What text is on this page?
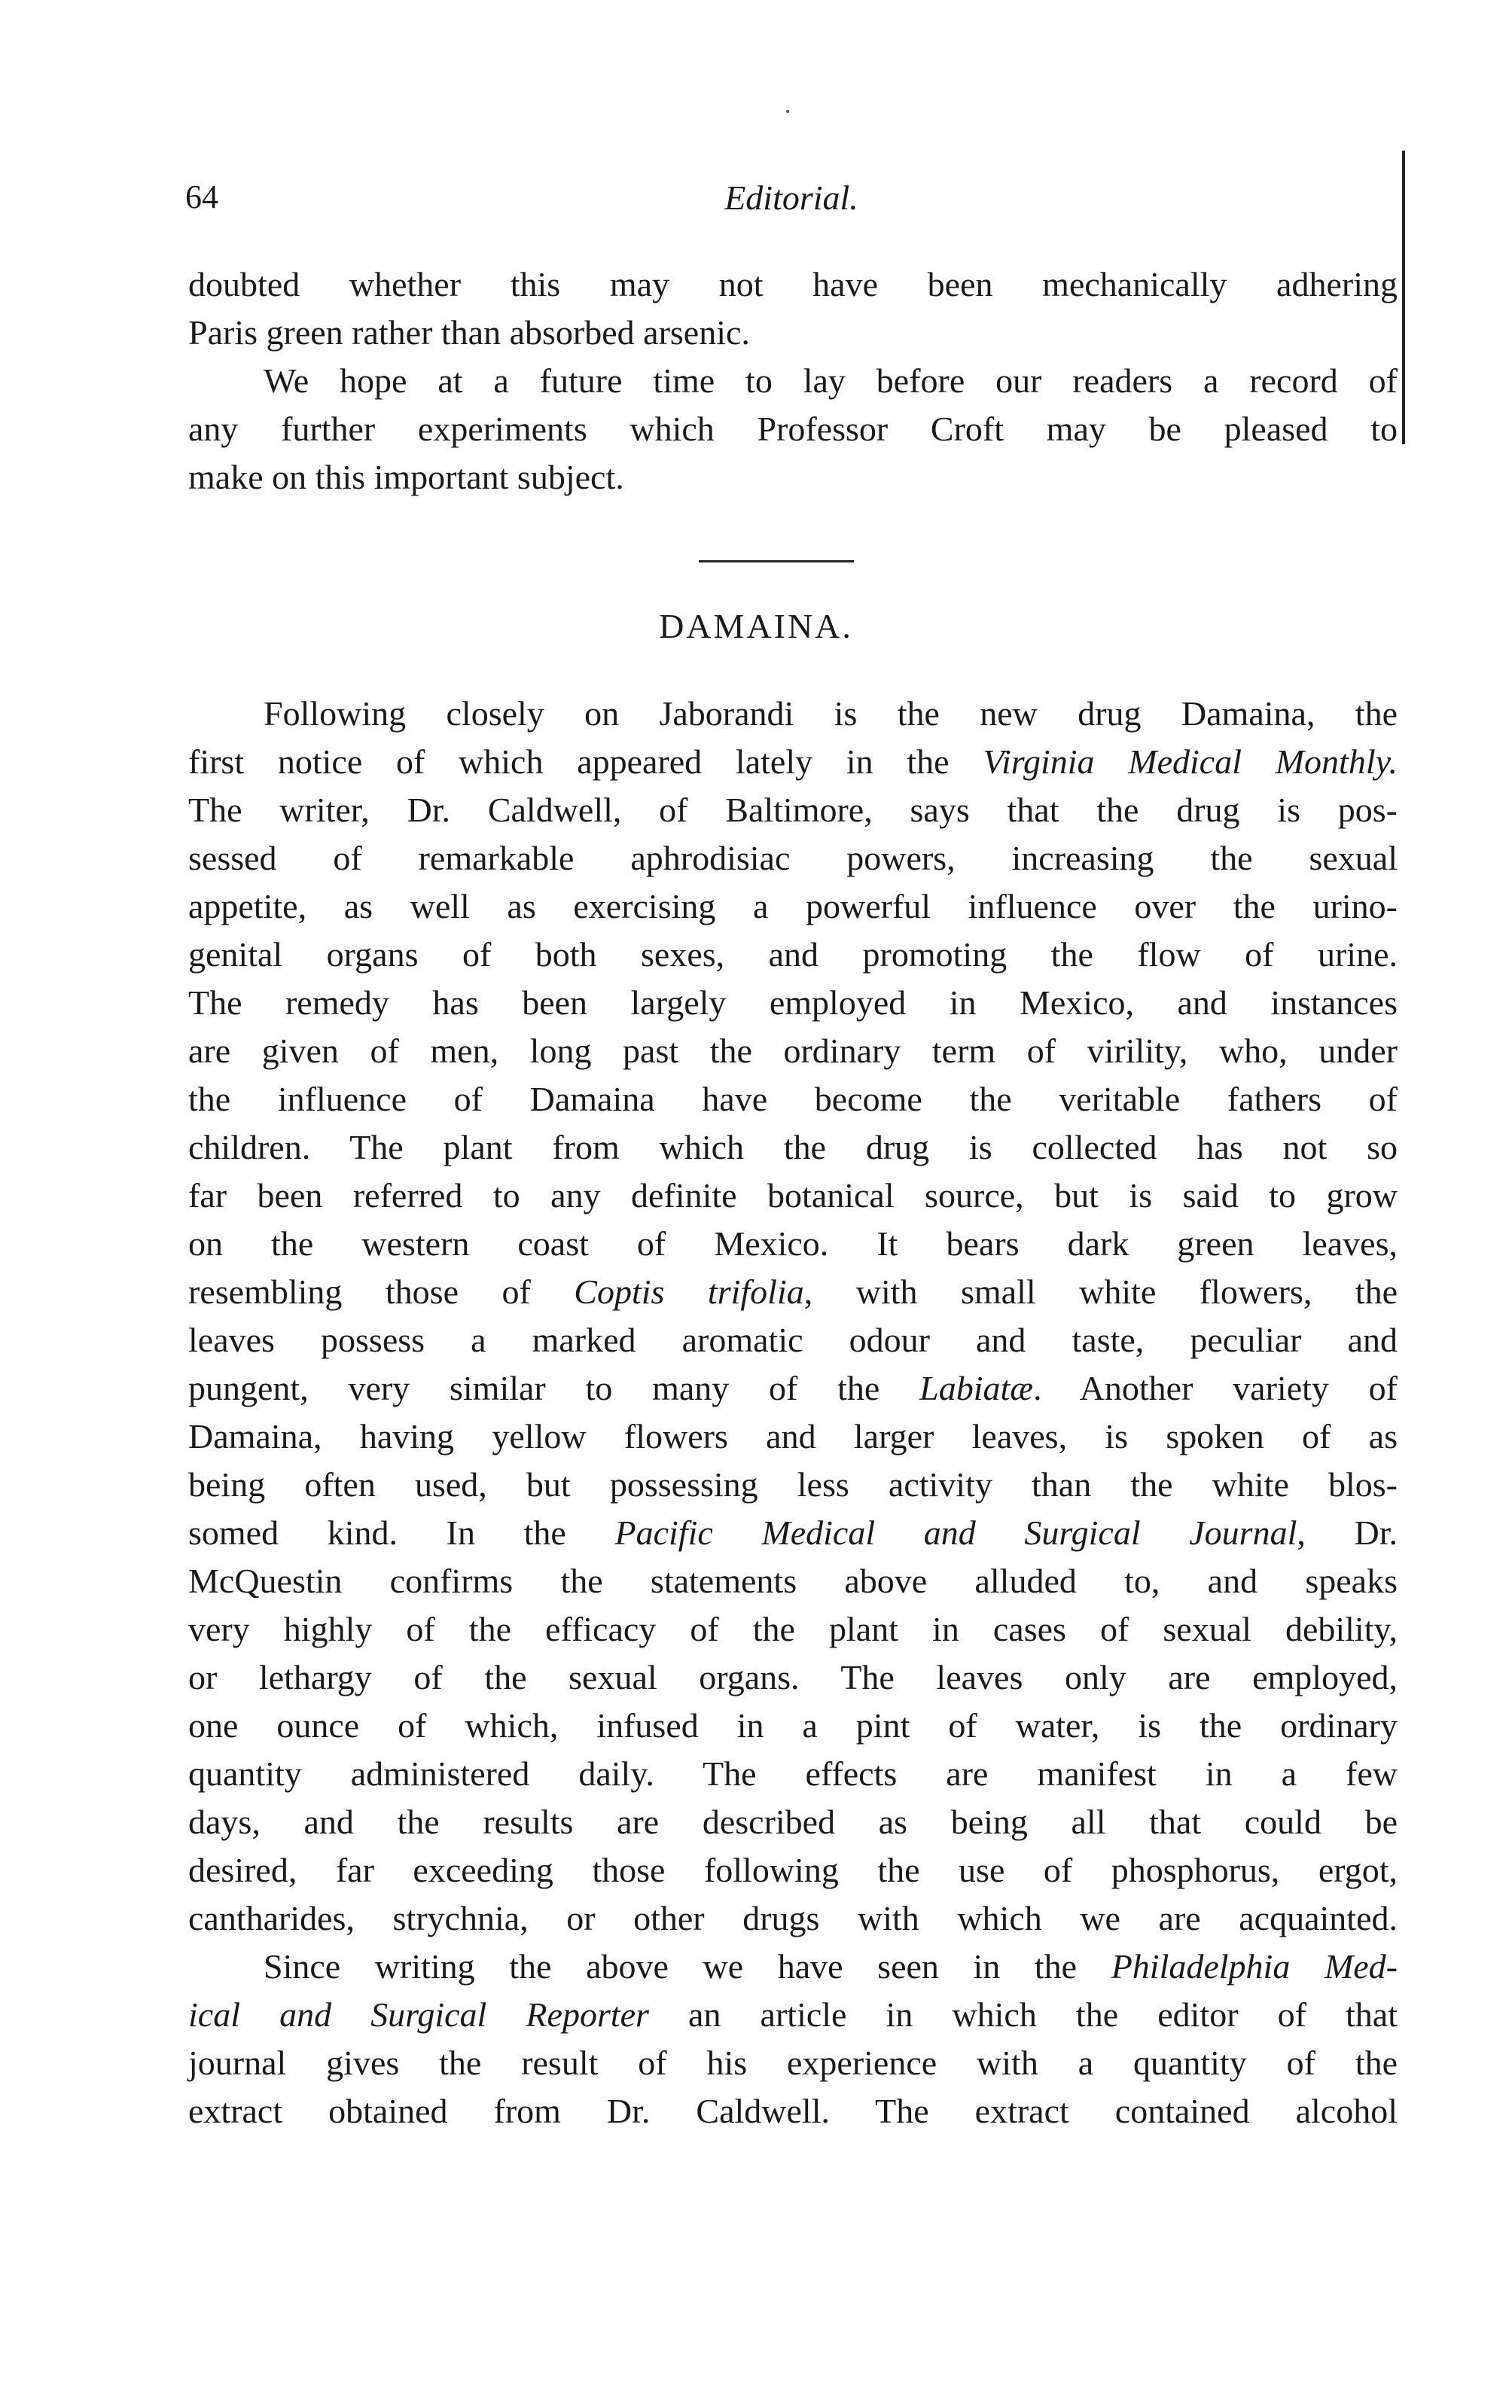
64	Editorial.
doubted whether this may not have been mechanically adhering
Paris green rather than absorbed arsenic.
We hope at a future time to lay before our readers a record of
any further experiments which Professor Croft may be pleased to
make on this important subject.
DAMAINA.
Following closely on Jaborandi is the new drug Damaina, the
first notice of which appeared lately in the Virginia Medical Monthly.
The writer, Dr. Caldwell, of Baltimore, says that the drug is pos-
sessed of remarkable aphrodisiac powers, increasing the sexual
appetite, as well as exercising a powerful influence over the urino-
genital organs of both sexes, and promoting the flow of urine.
The remedy has been largely employed in Mexico, and instances
are given of men, long past the ordinary term of virility, who, under
the influence of Damaina have become the veritable fathers of
children. The plant from which the drug is collected has not so
far been referred to any definite botanical source, but is said to grow
on the western coast of Mexico. It bears dark green leaves,
resembling those of Coptis trifolia, with small white flowers, the
leaves possess a marked aromatic odour and taste, peculiar and
pungent, very similar to many of the Labiatæ. Another variety of
Damaina, having yellow flowers and larger leaves, is spoken of as
being often used, but possessing less activity than the white blos-
somed kind. In the Pacific Medical and Surgical Journal, Dr.
McQuestin confirms the statements above alluded to, and speaks
very highly of the efficacy of the plant in cases of sexual debility,
or lethargy of the sexual organs. The leaves only are employed,
one ounce of which, infused in a pint of water, is the ordinary
quantity administered daily. The effects are manifest in a few
days, and the results are described as being all that could be
desired, far exceeding those following the use of phosphorus, ergot,
cantharides, strychnia, or other drugs with which we are acquainted.
Since writing the above we have seen in the Philadelphia Med-
ical and Surgical Reporter an article in which the editor of that
journal gives the result of his experience with a quantity of the
extract obtained from Dr. Caldwell. The extract contained alcohol
